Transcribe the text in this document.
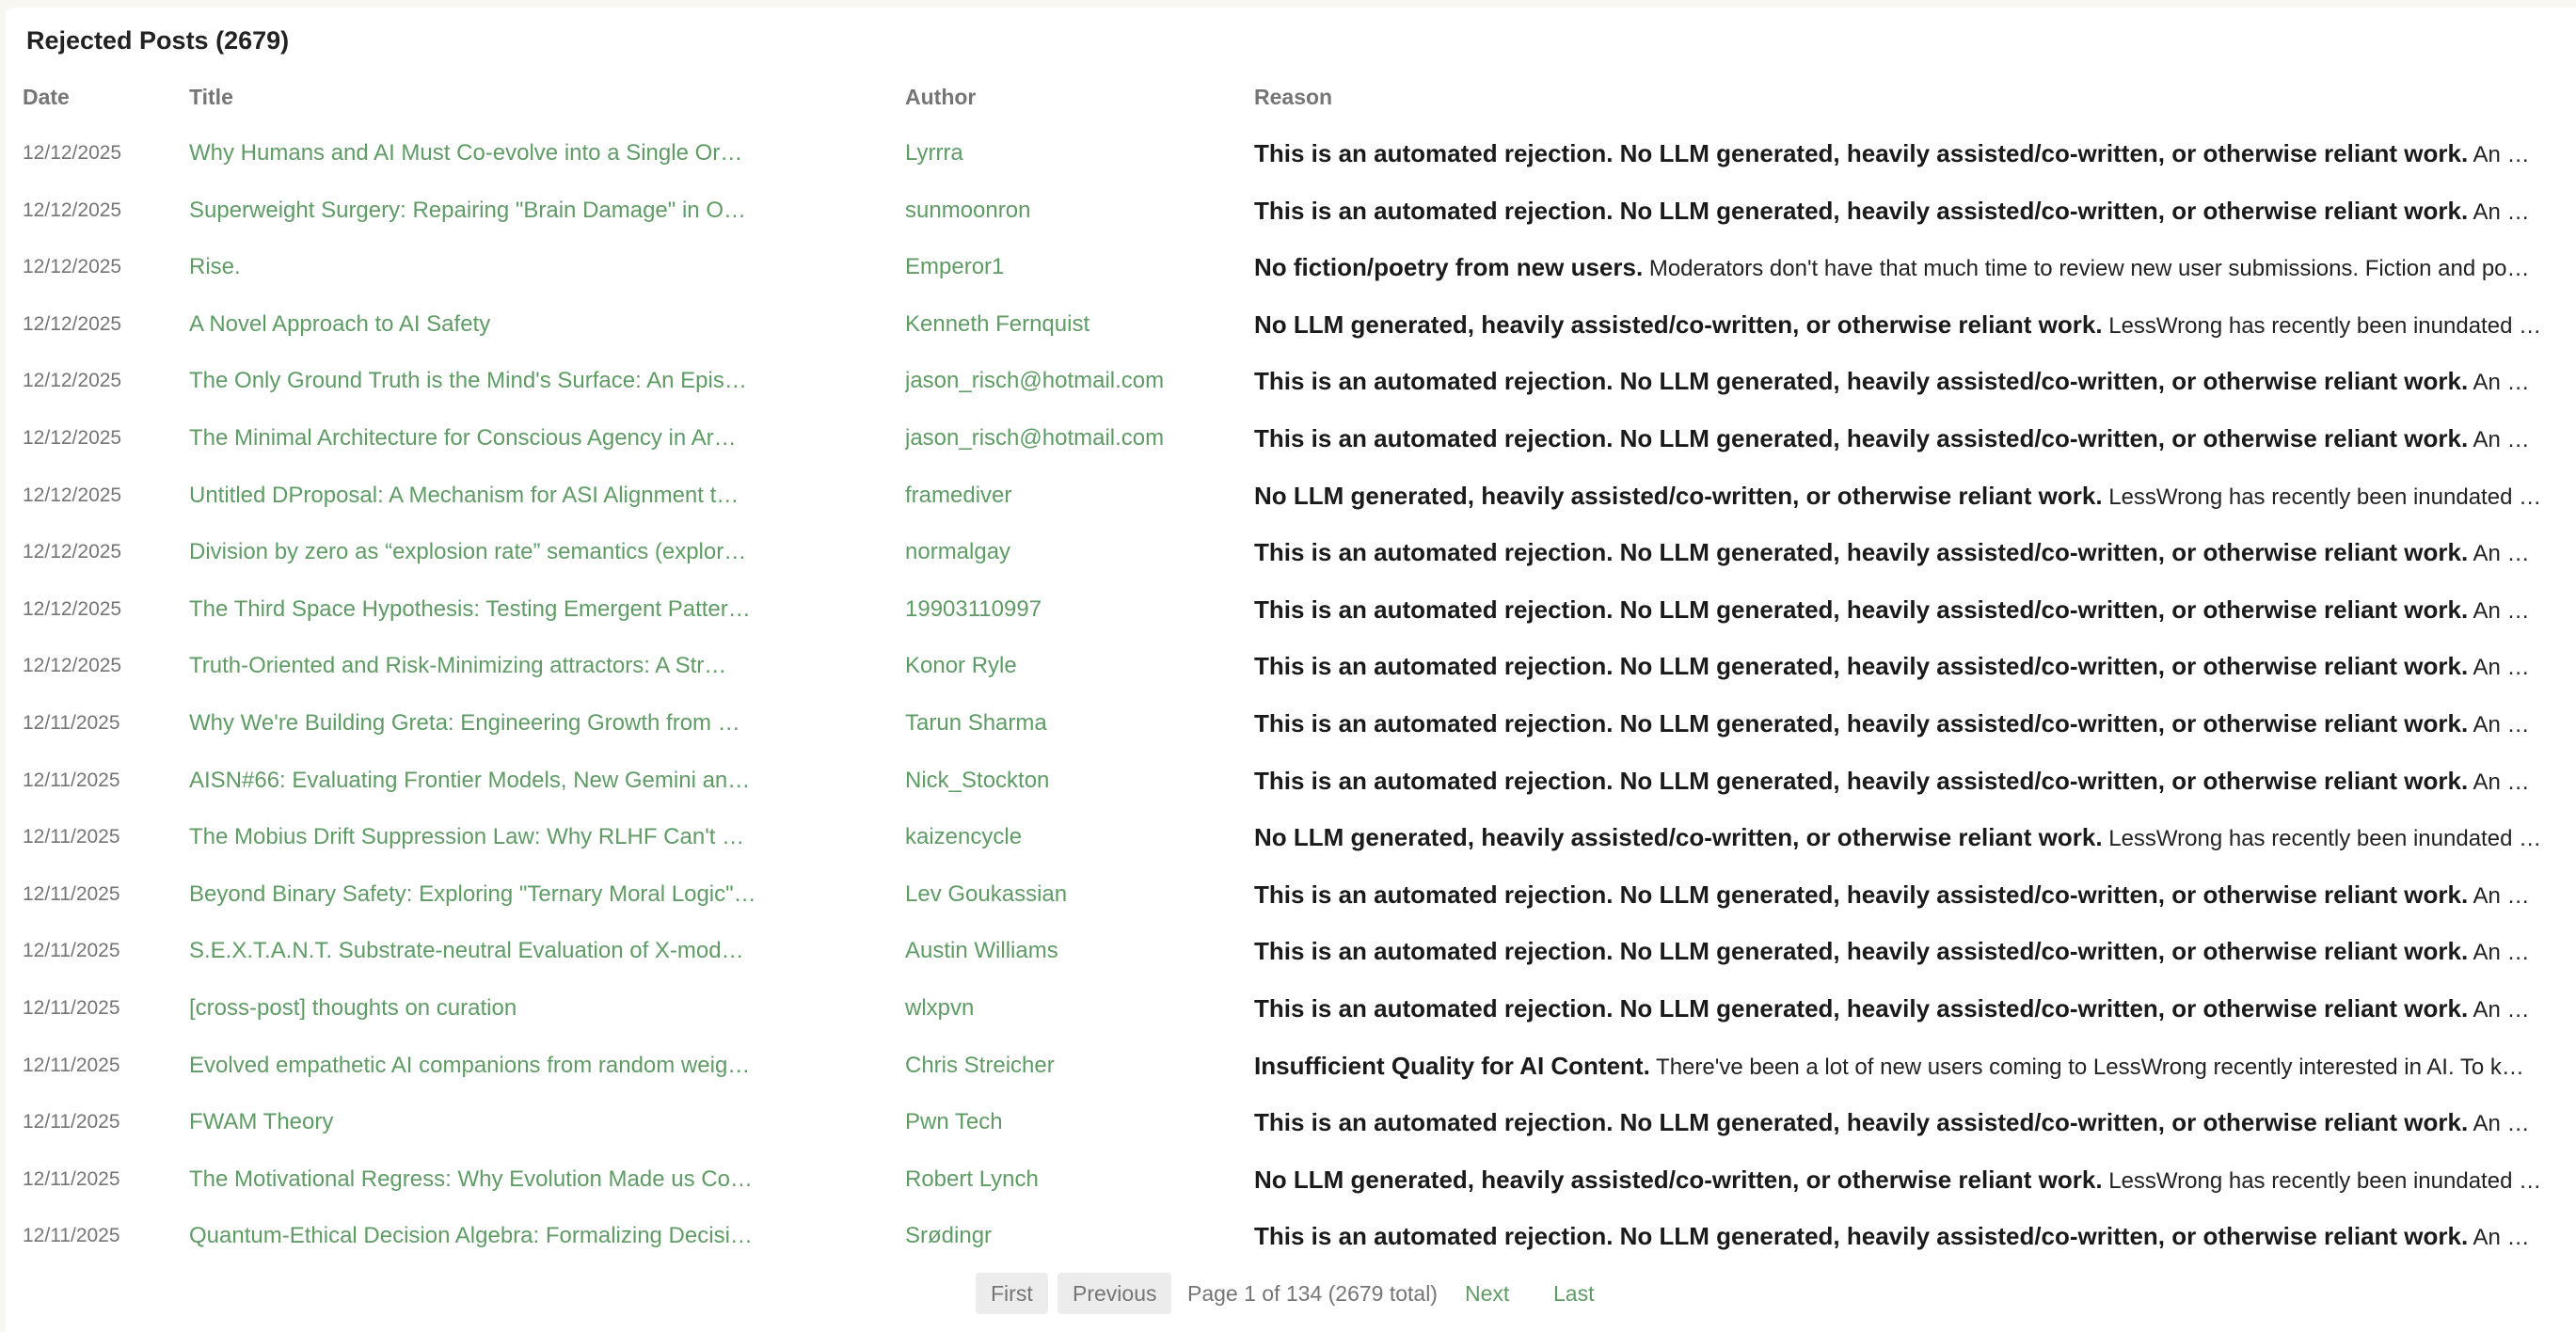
Rejected Posts (2679)
Date	Title	Author	Reason
12/12/2025	Why Humans and AI Must Co-evolve into a Single Or…	Lyrrra	This is an automated rejection. No LLM generated, heavily assisted/co-written, or otherwise reliant work. An …
12/12/2025	Superweight Surgery: Repairing "Brain Damage" in OL…	sunmoonron	This is an automated rejection. No LLM generated, heavily assisted/co-written, or otherwise reliant work. An …
12/12/2025	Rise.	Emperor1	No fiction/poetry from new users. Moderators don't have that much time to review new user submissions. Fiction and po…
12/12/2025	A Novel Approach to AI Safety	Kenneth Fernquist	No LLM generated, heavily assisted/co-written, or otherwise reliant work. LessWrong has recently been inundated …
12/12/2025	The Only Ground Truth is the Mind's Surface: An Epis…	jason_risch@hotmail.com	This is an automated rejection. No LLM generated, heavily assisted/co-written, or otherwise reliant work. An …
12/12/2025	The Minimal Architecture for Conscious Agency in Ar…	jason_risch@hotmail.com	This is an automated rejection. No LLM generated, heavily assisted/co-written, or otherwise reliant work. An …
12/12/2025	Untitled DProposal: A Mechanism for ASI Alignment t…	framediver	No LLM generated, heavily assisted/co-written, or otherwise reliant work. LessWrong has recently been inundated …
12/12/2025	Division by zero as “explosion rate” semantics (explor…	normalgay	This is an automated rejection. No LLM generated, heavily assisted/co-written, or otherwise reliant work. An …
12/12/2025	The Third Space Hypothesis: Testing Emergent Patter…	19903110997	This is an automated rejection. No LLM generated, heavily assisted/co-written, or otherwise reliant work. An …
12/12/2025	Truth-Oriented and Risk-Minimizing attractors: A Str…	Konor Ryle	This is an automated rejection. No LLM generated, heavily assisted/co-written, or otherwise reliant work. An …
12/11/2025	Why We're Building Greta: Engineering Growth from …	Tarun Sharma	This is an automated rejection. No LLM generated, heavily assisted/co-written, or otherwise reliant work. An …
12/11/2025	AISN#66: Evaluating Frontier Models, New Gemini an…	Nick_Stockton	This is an automated rejection. No LLM generated, heavily assisted/co-written, or otherwise reliant work. An …
12/11/2025	The Mobius Drift Suppression Law: Why RLHF Can't …	kaizencycle	No LLM generated, heavily assisted/co-written, or otherwise reliant work. LessWrong has recently been inundated …
12/11/2025	Beyond Binary Safety: Exploring "Ternary Moral Logic"…	Lev Goukassian	This is an automated rejection. No LLM generated, heavily assisted/co-written, or otherwise reliant work. An …
12/11/2025	S.E.X.T.A.N.T. Substrate-neutral Evaluation of X-mod…	Austin Williams	This is an automated rejection. No LLM generated, heavily assisted/co-written, or otherwise reliant work. An …
12/11/2025	[cross-post] thoughts on curation	wlxpvn	This is an automated rejection. No LLM generated, heavily assisted/co-written, or otherwise reliant work. An …
12/11/2025	Evolved empathetic AI companions from random weig…	Chris Streicher	Insufficient Quality for AI Content. There've been a lot of new users coming to LessWrong recently interested in AI. To k…
12/11/2025	FWAM Theory	Pwn Tech	This is an automated rejection. No LLM generated, heavily assisted/co-written, or otherwise reliant work. An …
12/11/2025	The Motivational Regress: Why Evolution Made us Co…	Robert Lynch	No LLM generated, heavily assisted/co-written, or otherwise reliant work. LessWrong has recently been inundated …
12/11/2025	Quantum-Ethical Decision Algebra: Formalizing Decisi…	Srødingr	This is an automated rejection. No LLM generated, heavily assisted/co-written, or otherwise reliant work. An …
First	Previous	Page 1 of 134 (2679 total) Next Last
